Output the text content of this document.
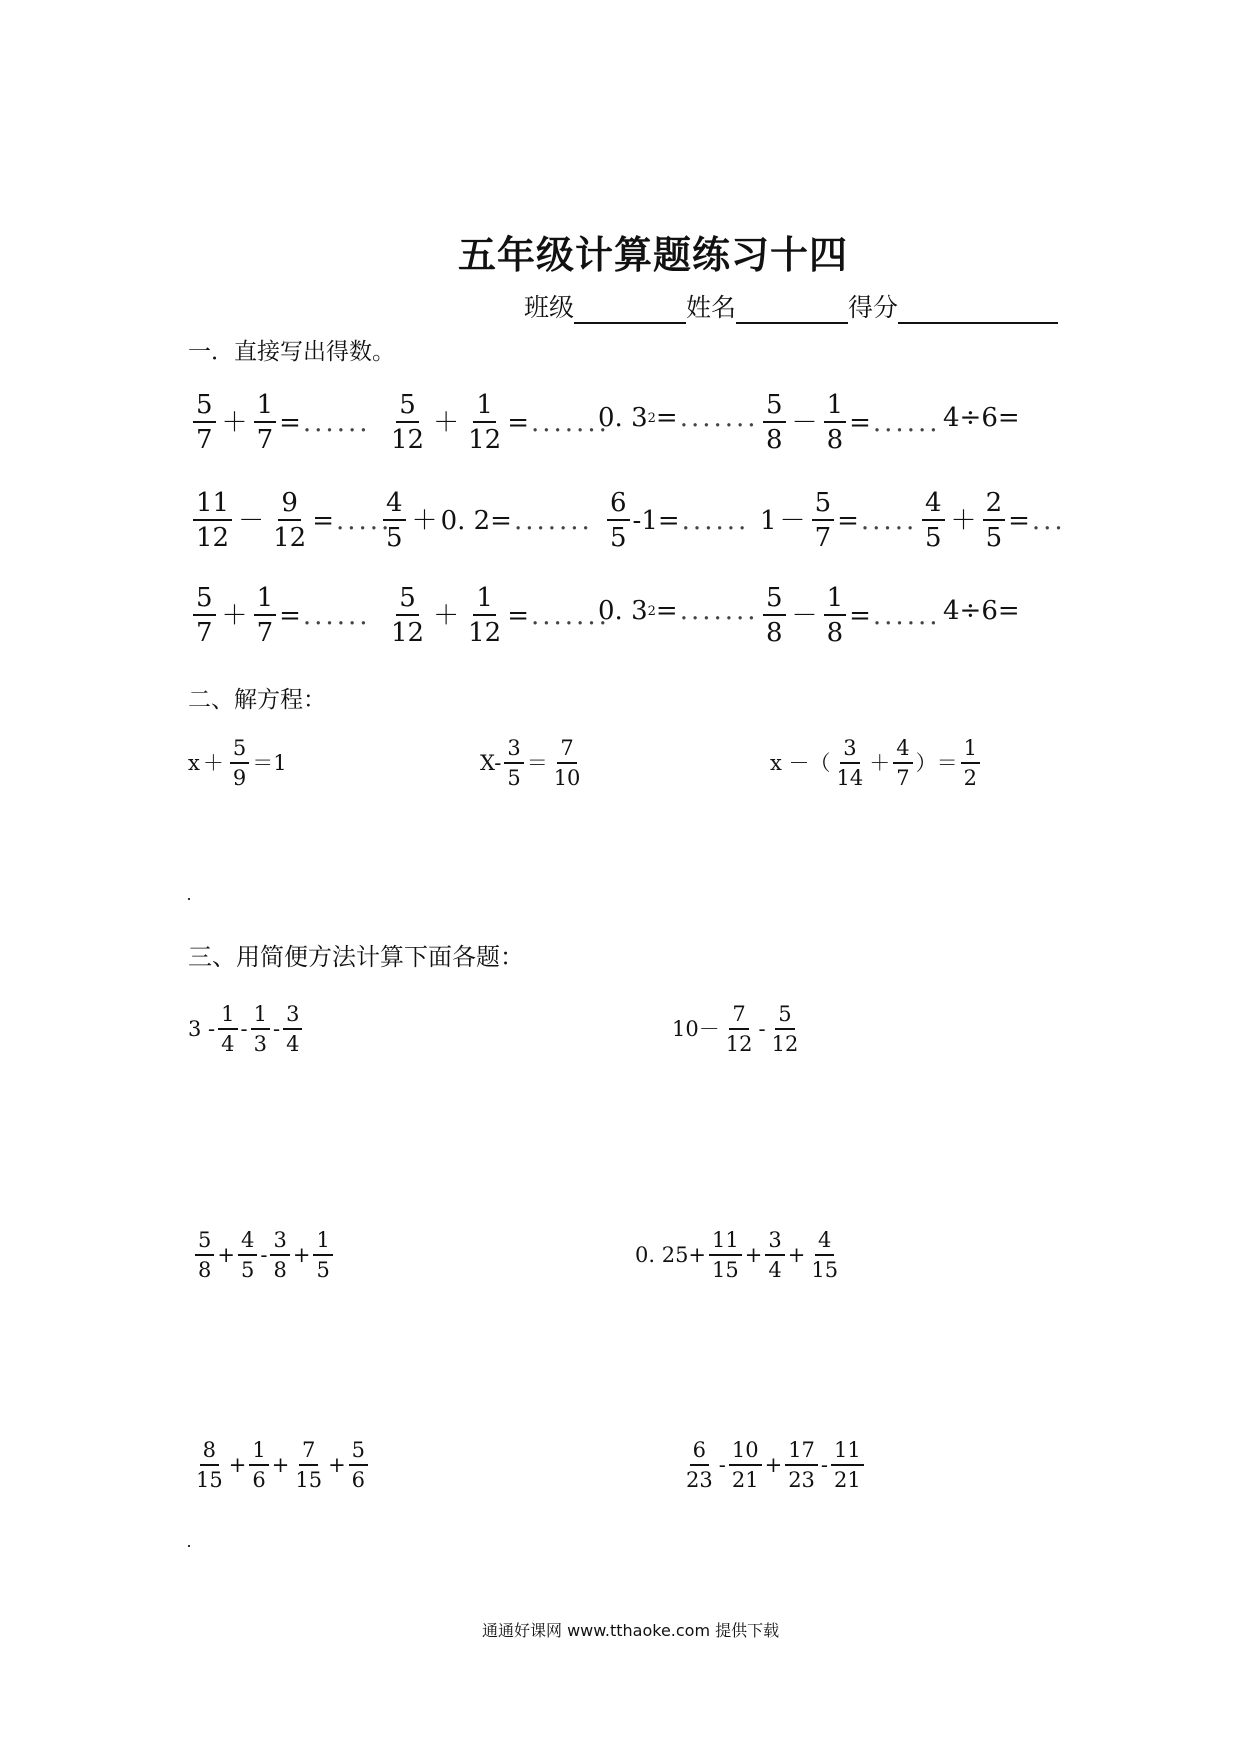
五年级计算题练习十四
班级	姓名	得分
一．直接写出得数。
$\frac{5}{7} + \frac{1}{7}$ = ...... $\frac{5}{12} + \frac{1}{12}$ = .......
0. 3 2 = ....... $\frac{5}{8} - \frac{1}{8}$ = ...... 4÷6=
$\frac{11}{12} - \frac{9}{12}$ = .....
$\frac{4}{5} + 0$. 2= ....... $\frac{6}{5} -1=$ ...... $1 - \frac{5}{7}$ = ..... $\frac{4}{5} + \frac{2}{5}$ = ...
$\frac{5}{7} + \frac{1}{7}$ = ...... $\frac{5}{12} + \frac{1}{12}$ = .......
0. 3 2 = ....... $\frac{5}{8} - \frac{1}{8}$ = ...... 4÷6=
二、解方程：
$x + \frac{5}{9} =1$	$X- \frac{3}{5} = \frac{7}{10}$	x －（ $\frac{3}{14} + \frac{4}{7}$ ）＝ $\frac{1}{2}$
三、用简便方法计算下面各题：
$3 - \frac{1}{4} - \frac{1}{3} - \frac{3}{4}$	$10- \frac{7}{12} - \frac{5}{12}$
$\frac{5}{8} + \frac{4}{5} - \frac{3}{8} + \frac{1}{5}$	0. $25+ \frac{11}{15} + \frac{3}{4} + \frac{4}{15}$
$\frac{8}{15} + \frac{1}{6} + \frac{7}{15} + \frac{5}{6}$	$\frac{6}{23} - \frac{10}{21} + \frac{17}{23} - \frac{11}{21}$
通通好课网 www.tthaoke.com 提供下载
